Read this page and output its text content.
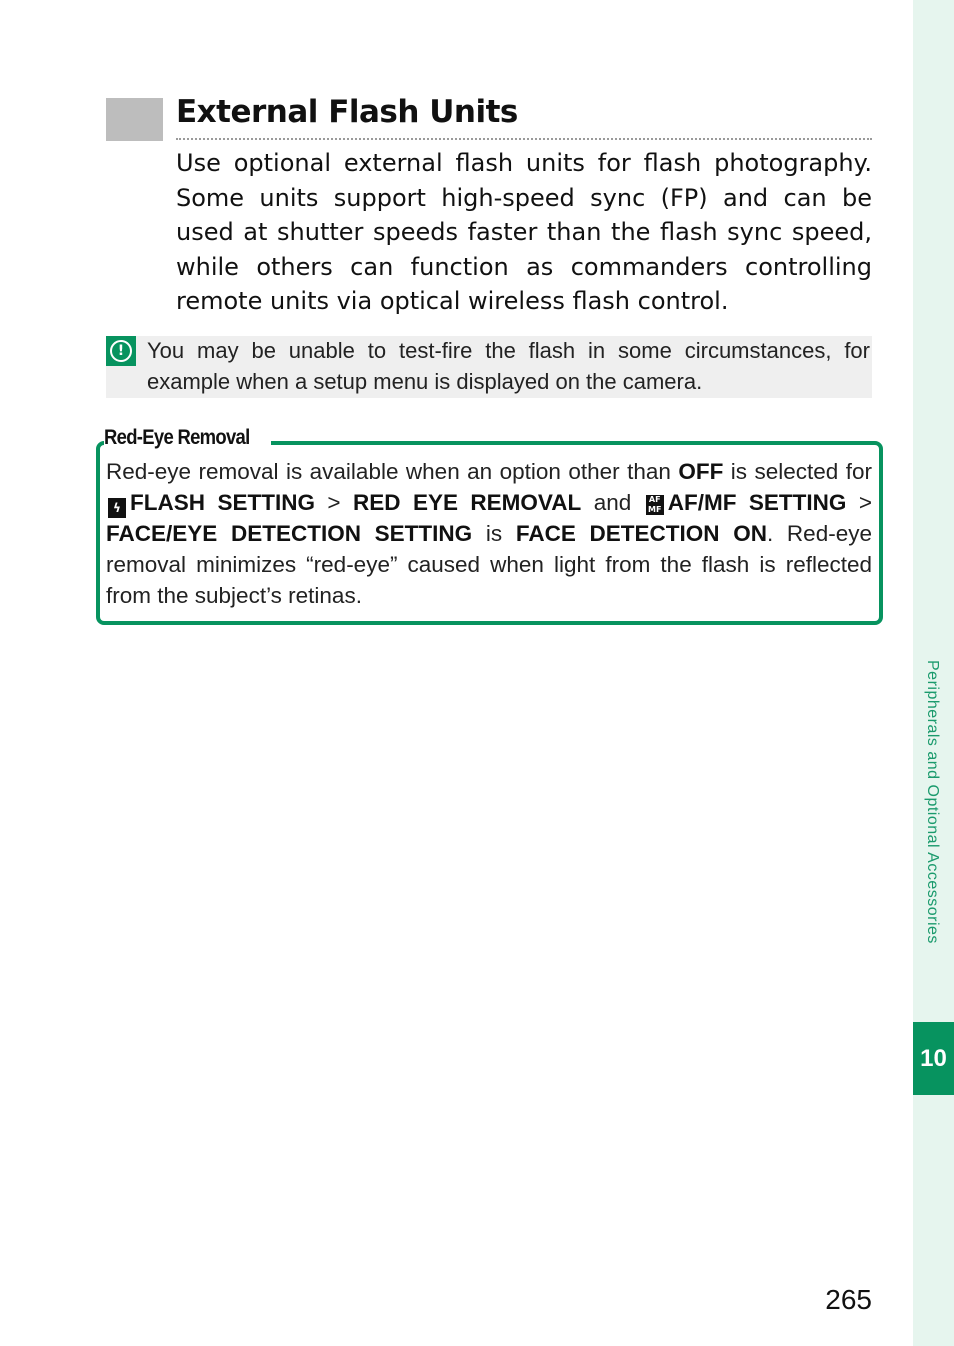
Peripherals and Optional Accessories
10
External Flash Units

Use optional external flash units for flash photography. Some units support high-speed sync (FP) and can be used at shutter speeds faster than the flash sync speed, while others can function as commanders controlling remote units via optical wireless flash control.

!	You may be unable to test-fire the flash in some circumstances, for example when a setup menu is displayed on the camera.

Red-Eye Removal

Red-eye removal is available when an option other than OFF is selected for ϟ FLASH SETTING > RED EYE REMOVAL and AF MF AF/MF SETTING > FACE/EYE DETECTION SETTING is FACE DETECTION ON. Red-eye removal minimizes “red-eye” caused when light from the flash is reflected from the subject’s retinas.

265
